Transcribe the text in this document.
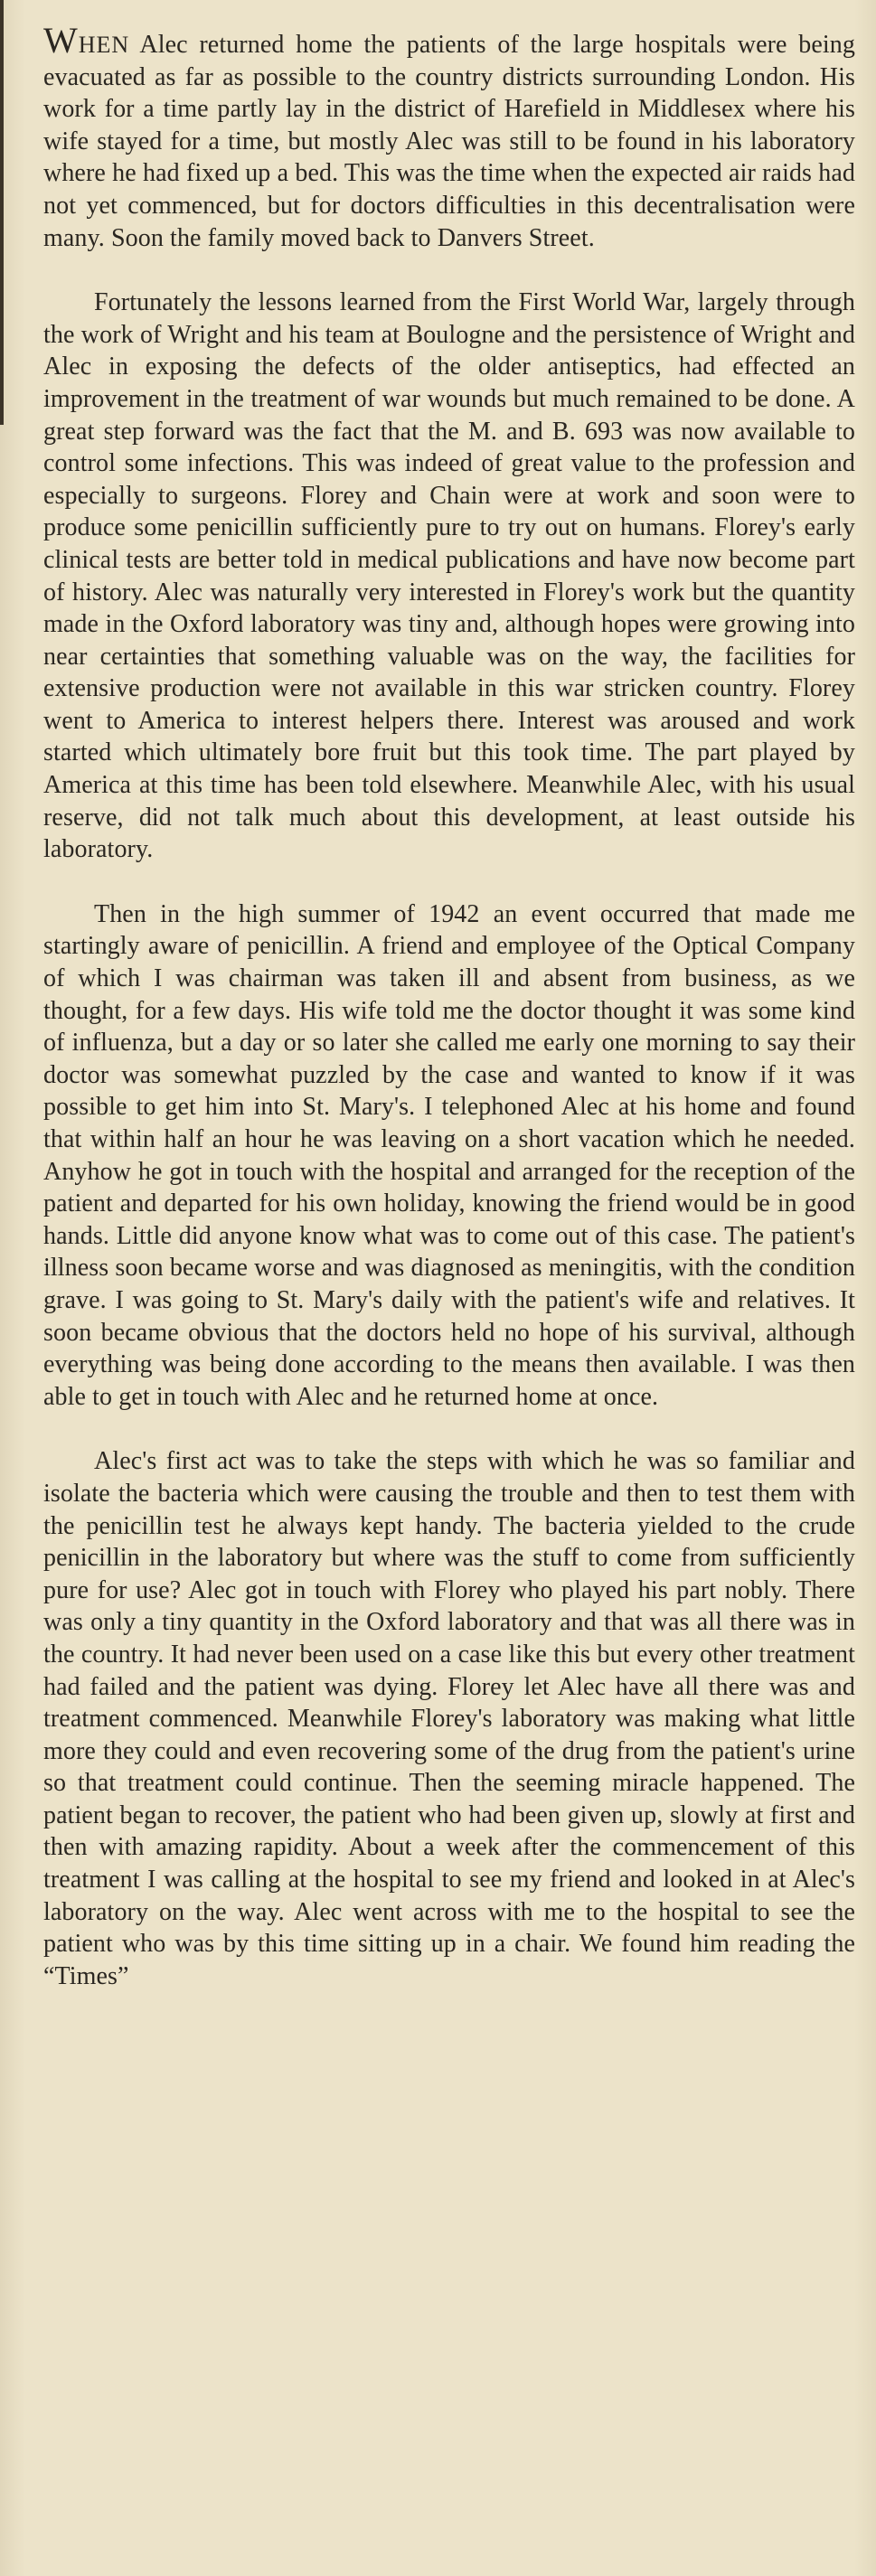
WHEN Alec returned home the patients of the large hospitals were being evacuated as far as possible to the country districts surrounding London. His work for a time partly lay in the district of Harefield in Middlesex where his wife stayed for a time, but mostly Alec was still to be found in his laboratory where he had fixed up a bed. This was the time when the expected air raids had not yet commenced, but for doctors difficulties in this decentralisation were many. Soon the family moved back to Danvers Street.

Fortunately the lessons learned from the First World War, largely through the work of Wright and his team at Boulogne and the persistence of Wright and Alec in exposing the defects of the older antiseptics, had effected an improvement in the treatment of war wounds but much remained to be done. A great step forward was the fact that the M. and B. 693 was now available to control some infections. This was indeed of great value to the profession and especially to surgeons. Florey and Chain were at work and soon were to produce some penicillin sufficiently pure to try out on humans. Florey's early clinical tests are better told in medical publications and have now become part of history. Alec was naturally very interested in Florey's work but the quantity made in the Oxford laboratory was tiny and, although hopes were growing into near certainties that something valuable was on the way, the facilities for extensive production were not available in this war stricken country. Florey went to America to interest helpers there. Interest was aroused and work started which ultimately bore fruit but this took time. The part played by America at this time has been told elsewhere. Meanwhile Alec, with his usual reserve, did not talk much about this development, at least outside his laboratory.

Then in the high summer of 1942 an event occurred that made me startingly aware of penicillin. A friend and employee of the Optical Company of which I was chairman was taken ill and absent from business, as we thought, for a few days. His wife told me the doctor thought it was some kind of influenza, but a day or so later she called me early one morning to say their doctor was somewhat puzzled by the case and wanted to know if it was possible to get him into St. Mary's. I telephoned Alec at his home and found that within half an hour he was leaving on a short vacation which he needed. Anyhow he got in touch with the hospital and arranged for the reception of the patient and departed for his own holiday, knowing the friend would be in good hands. Little did anyone know what was to come out of this case. The patient's illness soon became worse and was diagnosed as meningitis, with the condition grave. I was going to St. Mary's daily with the patient's wife and relatives. It soon became obvious that the doctors held no hope of his survival, although everything was being done according to the means then available. I was then able to get in touch with Alec and he returned home at once.

Alec's first act was to take the steps with which he was so familiar and isolate the bacteria which were causing the trouble and then to test them with the penicillin test he always kept handy. The bacteria yielded to the crude penicillin in the laboratory but where was the stuff to come from sufficiently pure for use? Alec got in touch with Florey who played his part nobly. There was only a tiny quantity in the Oxford laboratory and that was all there was in the country. It had never been used on a case like this but every other treatment had failed and the patient was dying. Florey let Alec have all there was and treatment commenced. Meanwhile Florey's laboratory was making what little more they could and even recovering some of the drug from the patient's urine so that treatment could continue. Then the seeming miracle happened. The patient began to recover, the patient who had been given up, slowly at first and then with amazing rapidity. About a week after the commencement of this treatment I was calling at the hospital to see my friend and looked in at Alec's laboratory on the way. Alec went across with me to the hospital to see the patient who was by this time sitting up in a chair. We found him reading the “Times”
